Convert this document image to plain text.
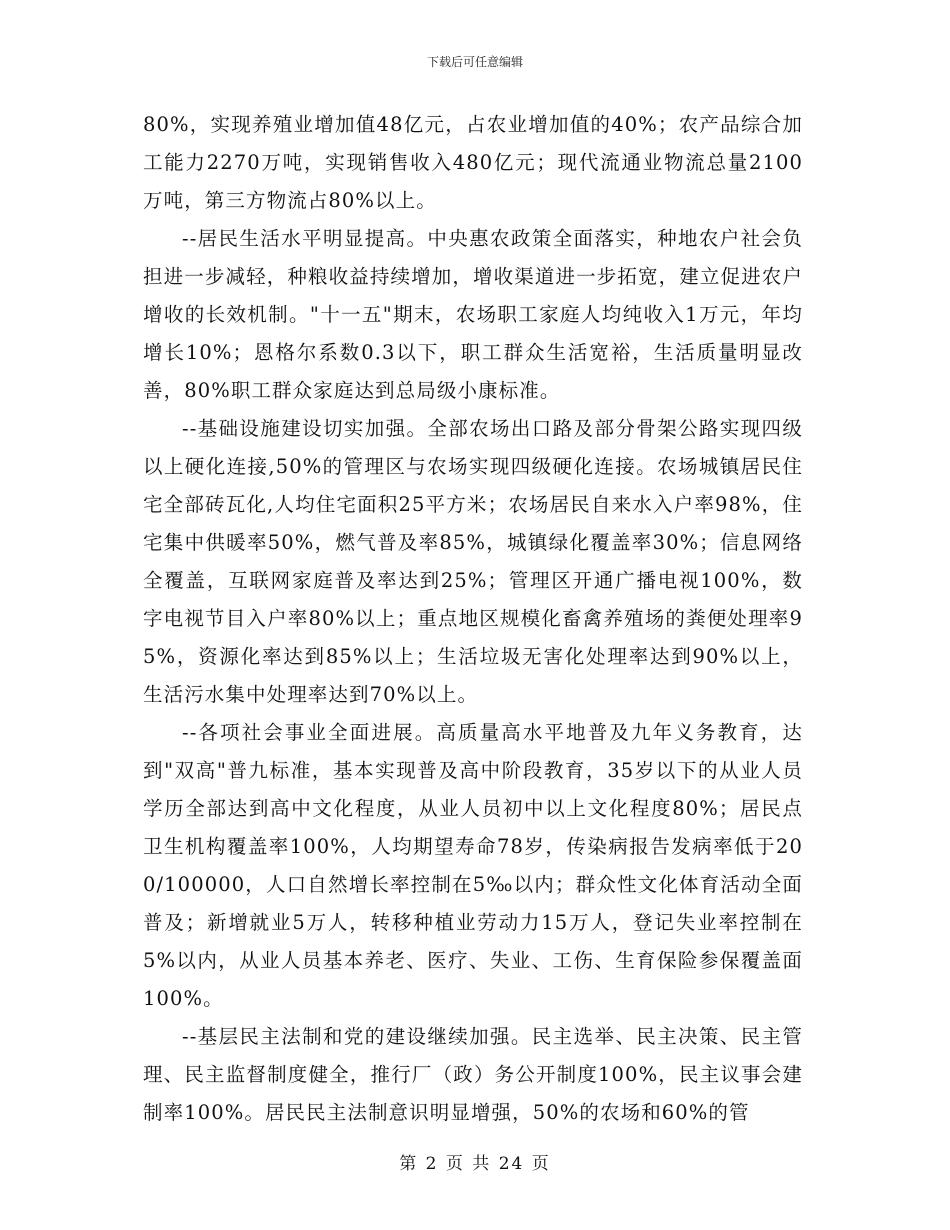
下载后可任意编辑

80%，实现养殖业增加值48亿元，占农业增加值的40%；农产品综合加工能力2270万吨，实现销售收入480亿元；现代流通业物流总量2100万吨，第三方物流占80%以上。

--居民生活水平明显提高。中央惠农政策全面落实，种地农户社会负担进一步减轻，种粮收益持续增加，增收渠道进一步拓宽，建立促进农户增收的长效机制。"十一五"期末，农场职工家庭人均纯收入1万元，年均增长10%；恩格尔系数0.3以下，职工群众生活宽裕，生活质量明显改善，80%职工群众家庭达到总局级小康标准。

--基础设施建设切实加强。全部农场出口路及部分骨架公路实现四级以上硬化连接,50%的管理区与农场实现四级硬化连接。农场城镇居民住宅全部砖瓦化,人均住宅面积25平方米；农场居民自来水入户率98%，住宅集中供暖率50%，燃气普及率85%，城镇绿化覆盖率30%；信息网络全覆盖，互联网家庭普及率达到25%；管理区开通广播电视100%，数字电视节目入户率80%以上；重点地区规模化畜禽养殖场的粪便处理率95%，资源化率达到85%以上；生活垃圾无害化处理率达到90%以上，生活污水集中处理率达到70%以上。

--各项社会事业全面进展。高质量高水平地普及九年义务教育，达到"双高"普九标准，基本实现普及高中阶段教育，35岁以下的从业人员学历全部达到高中文化程度，从业人员初中以上文化程度80%；居民点卫生机构覆盖率100%，人均期望寿命78岁，传染病报告发病率低于200/100000，人口自然增长率控制在5‰以内；群众性文化体育活动全面普及；新增就业5万人，转移种植业劳动力15万人，登记失业率控制在5%以内，从业人员基本养老、医疗、失业、工伤、生育保险参保覆盖面100%。

--基层民主法制和党的建设继续加强。民主选举、民主决策、民主管理、民主监督制度健全，推行厂（政）务公开制度100%，民主议事会建制率100%。居民民主法制意识明显增强，50%的农场和60%的管

第 2 页 共 24 页
